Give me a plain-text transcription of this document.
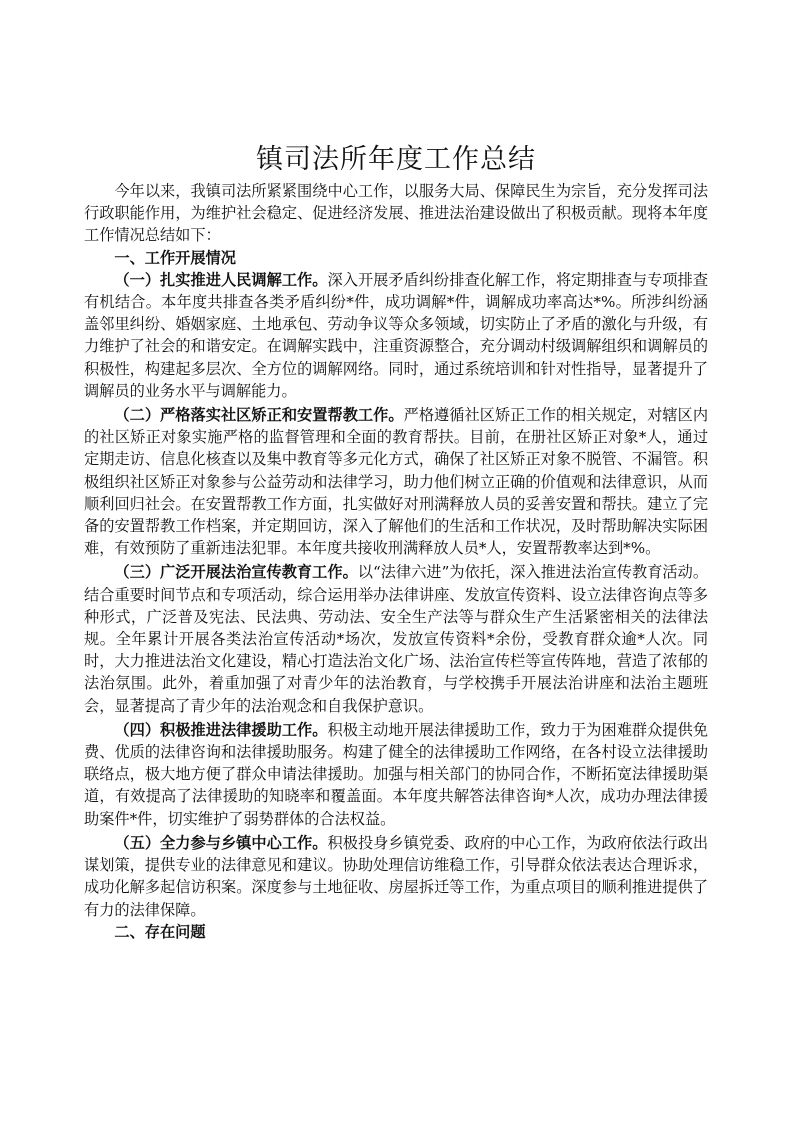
镇司法所年度工作总结

今年以来，我镇司法所紧紧围绕中心工作，以服务大局、保障民生为宗旨，充分发挥司法行政职能作用，为维护社会稳定、促进经济发展、推进法治建设做出了积极贡献。现将本年度工作情况总结如下：

一、工作开展情况

（一）扎实推进人民调解工作。深入开展矛盾纠纷排查化解工作，将定期排查与专项排查有机结合。本年度共排查各类矛盾纠纷*件，成功调解*件，调解成功率高达*%。所涉纠纷涵盖邻里纠纷、婚姻家庭、土地承包、劳动争议等众多领域，切实防止了矛盾的激化与升级，有力维护了社会的和谐安定。在调解实践中，注重资源整合，充分调动村级调解组织和调解员的积极性，构建起多层次、全方位的调解网络。同时，通过系统培训和针对性指导，显著提升了调解员的业务水平与调解能力。

（二）严格落实社区矫正和安置帮教工作。严格遵循社区矫正工作的相关规定，对辖区内的社区矫正对象实施严格的监督管理和全面的教育帮扶。目前，在册社区矫正对象*人，通过定期走访、信息化核查以及集中教育等多元化方式，确保了社区矫正对象不脱管、不漏管。积极组织社区矫正对象参与公益劳动和法律学习，助力他们树立正确的价值观和法律意识，从而顺利回归社会。在安置帮教工作方面，扎实做好对刑满释放人员的妥善安置和帮扶。建立了完备的安置帮教工作档案，并定期回访，深入了解他们的生活和工作状况，及时帮助解决实际困难，有效预防了重新违法犯罪。本年度共接收刑满释放人员*人，安置帮教率达到*%。

（三）广泛开展法治宣传教育工作。以“法律六进”为依托，深入推进法治宣传教育活动。结合重要时间节点和专项活动，综合运用举办法律讲座、发放宣传资料、设立法律咨询点等多种形式，广泛普及宪法、民法典、劳动法、安全生产法等与群众生产生活紧密相关的法律法规。全年累计开展各类法治宣传活动*场次，发放宣传资料*余份，受教育群众逾*人次。同时，大力推进法治文化建设，精心打造法治文化广场、法治宣传栏等宣传阵地，营造了浓郁的法治氛围。此外，着重加强了对青少年的法治教育，与学校携手开展法治讲座和法治主题班会，显著提高了青少年的法治观念和自我保护意识。

（四）积极推进法律援助工作。积极主动地开展法律援助工作，致力于为困难群众提供免费、优质的法律咨询和法律援助服务。构建了健全的法律援助工作网络，在各村设立法律援助联络点，极大地方便了群众申请法律援助。加强与相关部门的协同合作，不断拓宽法律援助渠道，有效提高了法律援助的知晓率和覆盖面。本年度共解答法律咨询*人次，成功办理法律援助案件*件，切实维护了弱势群体的合法权益。

（五）全力参与乡镇中心工作。积极投身乡镇党委、政府的中心工作，为政府依法行政出谋划策，提供专业的法律意见和建议。协助处理信访维稳工作，引导群众依法表达合理诉求，成功化解多起信访积案。深度参与土地征收、房屋拆迁等工作，为重点项目的顺利推进提供了有力的法律保障。

二、存在问题
